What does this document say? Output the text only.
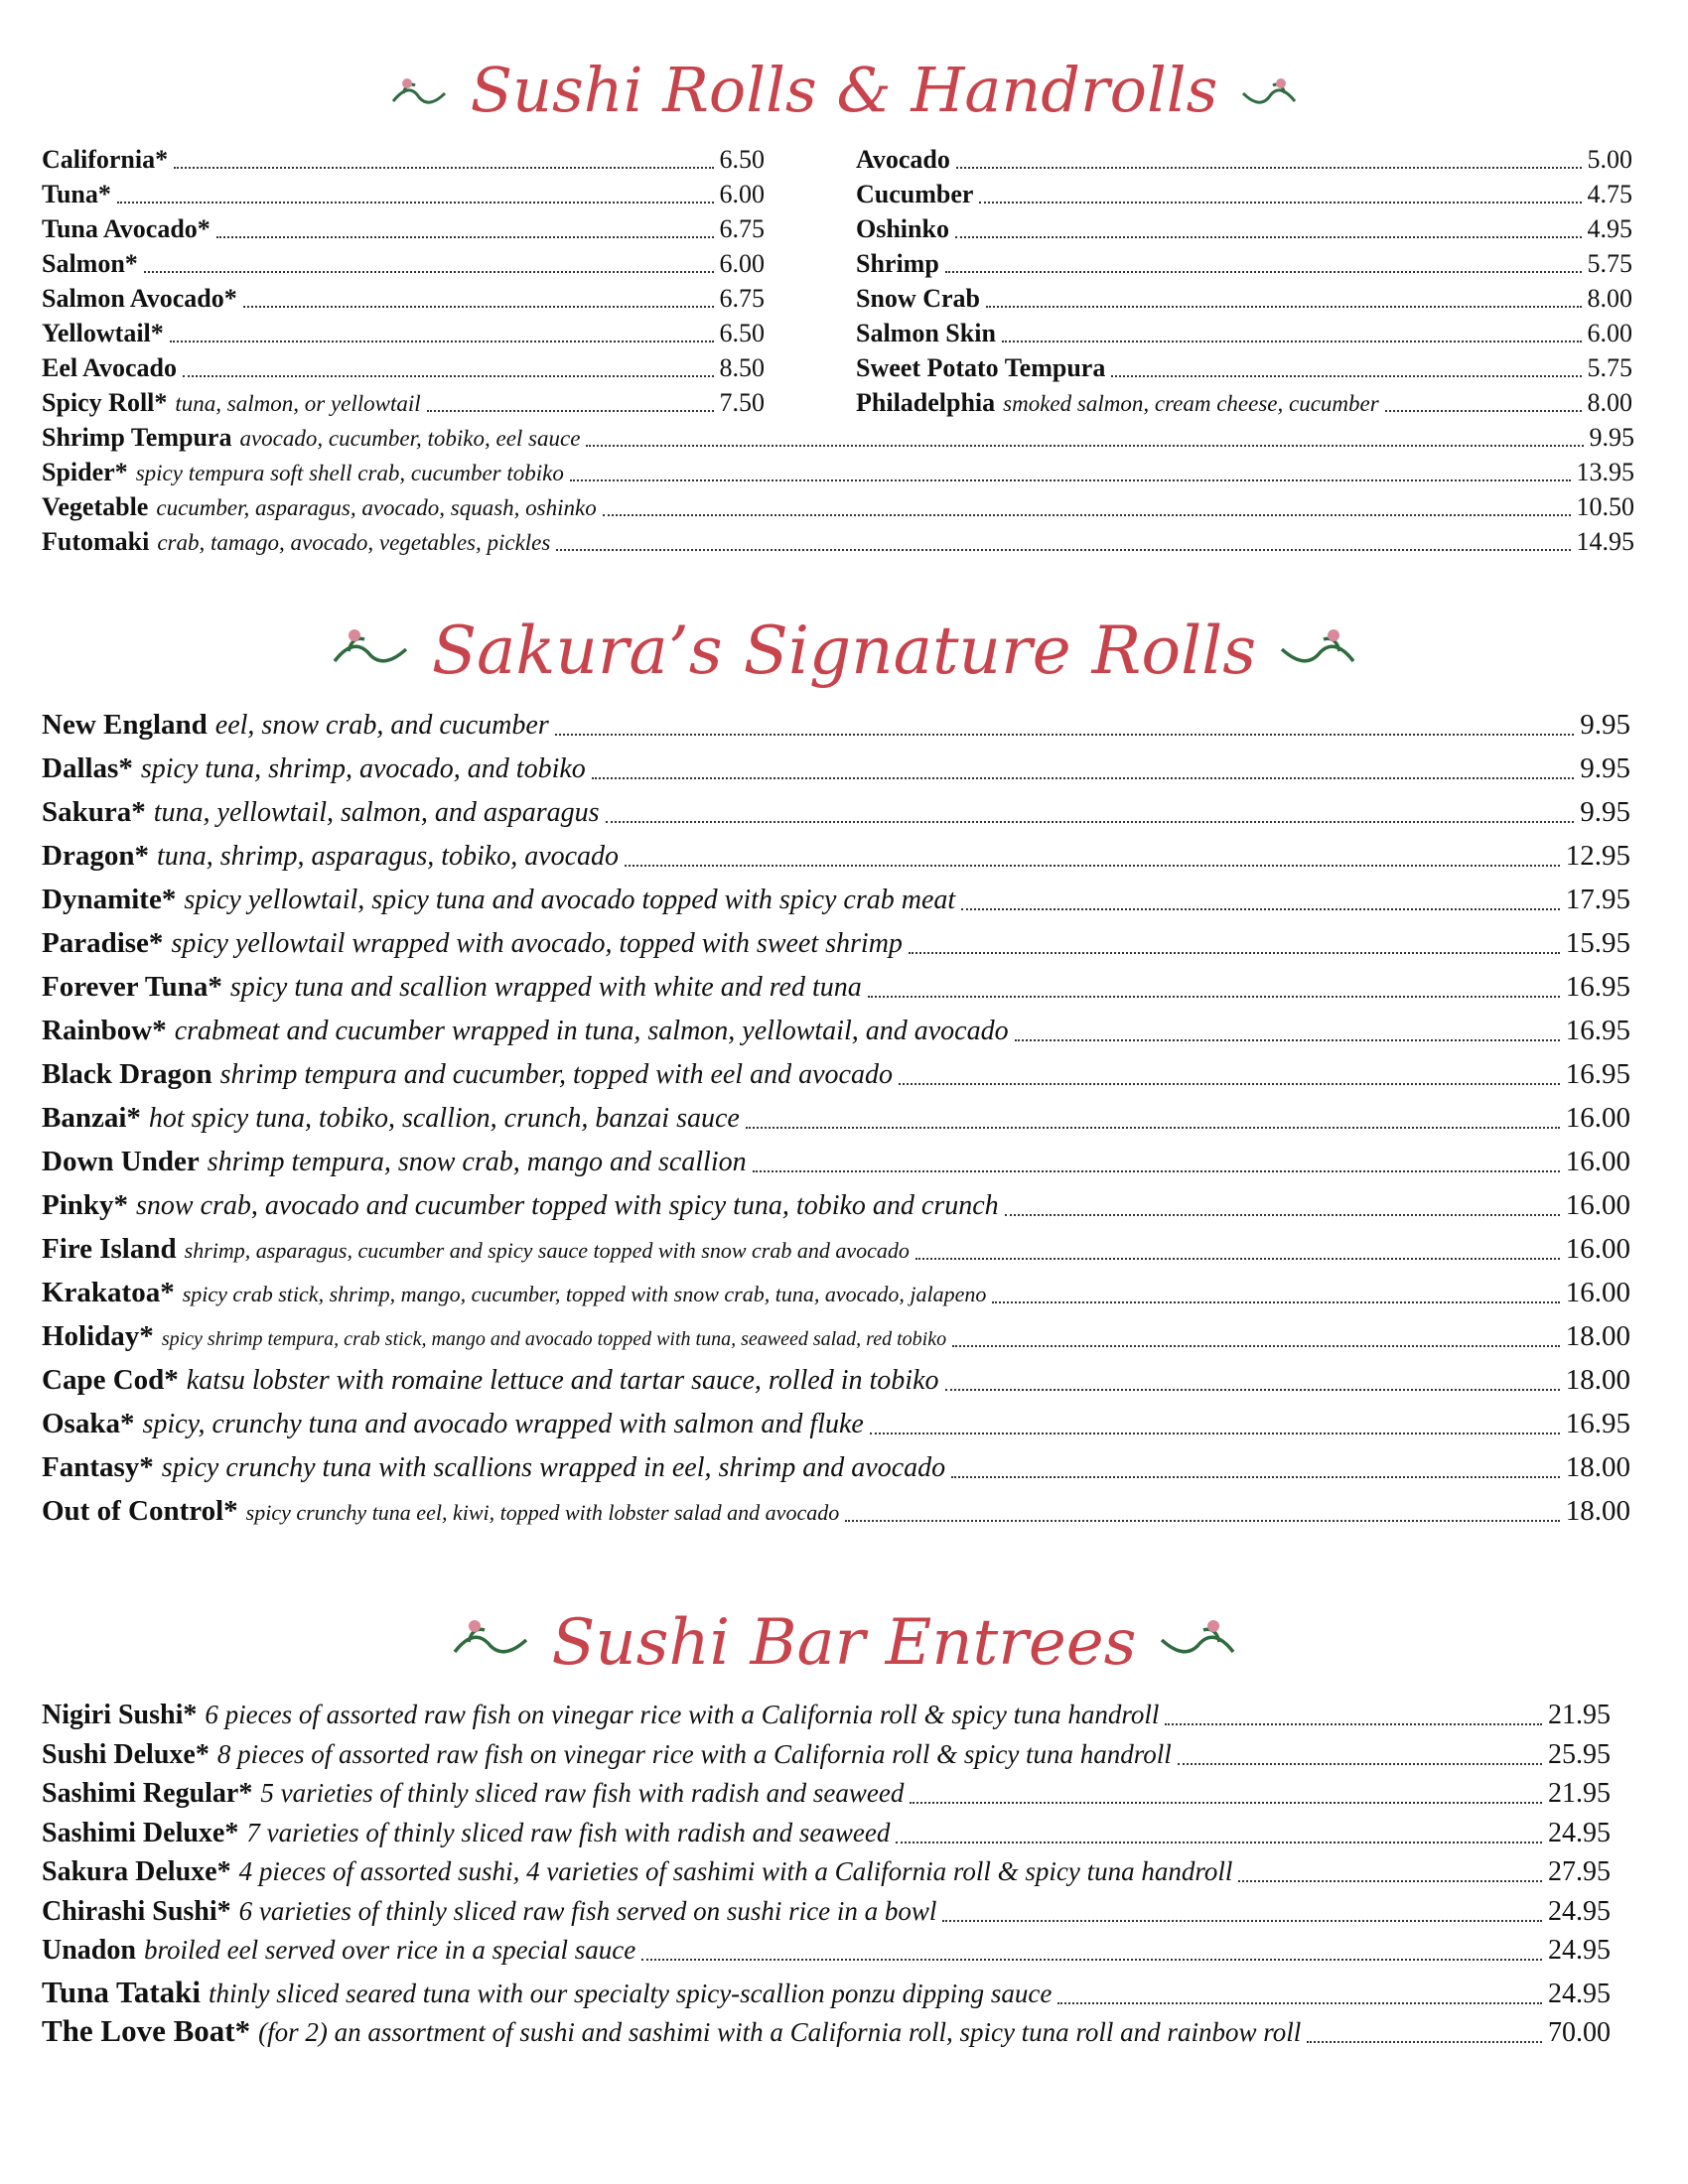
Sushi Rolls & Handrolls
California*	6.50
Tuna*	6.00
Tuna Avocado*	6.75
Salmon*	6.00
Salmon Avocado*	6.75
Yellowtail*	6.50
Eel Avocado	8.50
Spicy Roll* tuna, salmon, or yellowtail	7.50
Avocado	5.00
Cucumber	4.75
Oshinko	4.95
Shrimp	5.75
Snow Crab	8.00
Salmon Skin	6.00
Sweet Potato Tempura	5.75
Philadelphia smoked salmon, cream cheese, cucumber	8.00
Shrimp Tempura avocado, cucumber, tobiko, eel sauce	9.95
Spider* spicy tempura soft shell crab, cucumber tobiko	13.95
Vegetable cucumber, asparagus, avocado, squash, oshinko	10.50
Futomaki crab, tamago, avocado, vegetables, pickles	14.95
Sakura’s Signature Rolls
New England eel, snow crab, and cucumber	9.95
Dallas* spicy tuna, shrimp, avocado, and tobiko	9.95
Sakura* tuna, yellowtail, salmon, and asparagus	9.95
Dragon* tuna, shrimp, asparagus, tobiko, avocado	12.95
Dynamite* spicy yellowtail, spicy tuna and avocado topped with spicy crab meat	17.95
Paradise* spicy yellowtail wrapped with avocado, topped with sweet shrimp	15.95
Forever Tuna* spicy tuna and scallion wrapped with white and red tuna	16.95
Rainbow* crabmeat and cucumber wrapped in tuna, salmon, yellowtail, and avocado	16.95
Black Dragon shrimp tempura and cucumber, topped with eel and avocado	16.95
Banzai* hot spicy tuna, tobiko, scallion, crunch, banzai sauce	16.00
Down Under shrimp tempura, snow crab, mango and scallion	16.00
Pinky* snow crab, avocado and cucumber topped with spicy tuna, tobiko and crunch	16.00
Fire Island shrimp, asparagus, cucumber and spicy sauce topped with snow crab and avocado	16.00
Krakatoa* spicy crab stick, shrimp, mango, cucumber, topped with snow crab, tuna, avocado, jalapeno	16.00
Holiday* spicy shrimp tempura, crab stick, mango and avocado topped with tuna, seaweed salad, red tobiko	18.00
Cape Cod* katsu lobster with romaine lettuce and tartar sauce, rolled in tobiko	18.00
Osaka* spicy, crunchy tuna and avocado wrapped with salmon and fluke	16.95
Fantasy* spicy crunchy tuna with scallions wrapped in eel, shrimp and avocado	18.00
Out of Control* spicy crunchy tuna eel, kiwi, topped with lobster salad and avocado	18.00
Sushi Bar Entrees
Nigiri Sushi* 6 pieces of assorted raw fish on vinegar rice with a California roll & spicy tuna handroll	21.95
Sushi Deluxe* 8 pieces of assorted raw fish on vinegar rice with a California roll & spicy tuna handroll	25.95
Sashimi Regular* 5 varieties of thinly sliced raw fish with radish and seaweed	21.95
Sashimi Deluxe* 7 varieties of thinly sliced raw fish with radish and seaweed	24.95
Sakura Deluxe* 4 pieces of assorted sushi, 4 varieties of sashimi with a California roll & spicy tuna handroll	27.95
Chirashi Sushi* 6 varieties of thinly sliced raw fish served on sushi rice in a bowl	24.95
Unadon broiled eel served over rice in a special sauce	24.95
Tuna Tataki thinly sliced seared tuna with our specialty spicy-scallion ponzu dipping sauce	24.95
The Love Boat* (for 2) an assortment of sushi and sashimi with a California roll, spicy tuna roll and rainbow roll	70.00
